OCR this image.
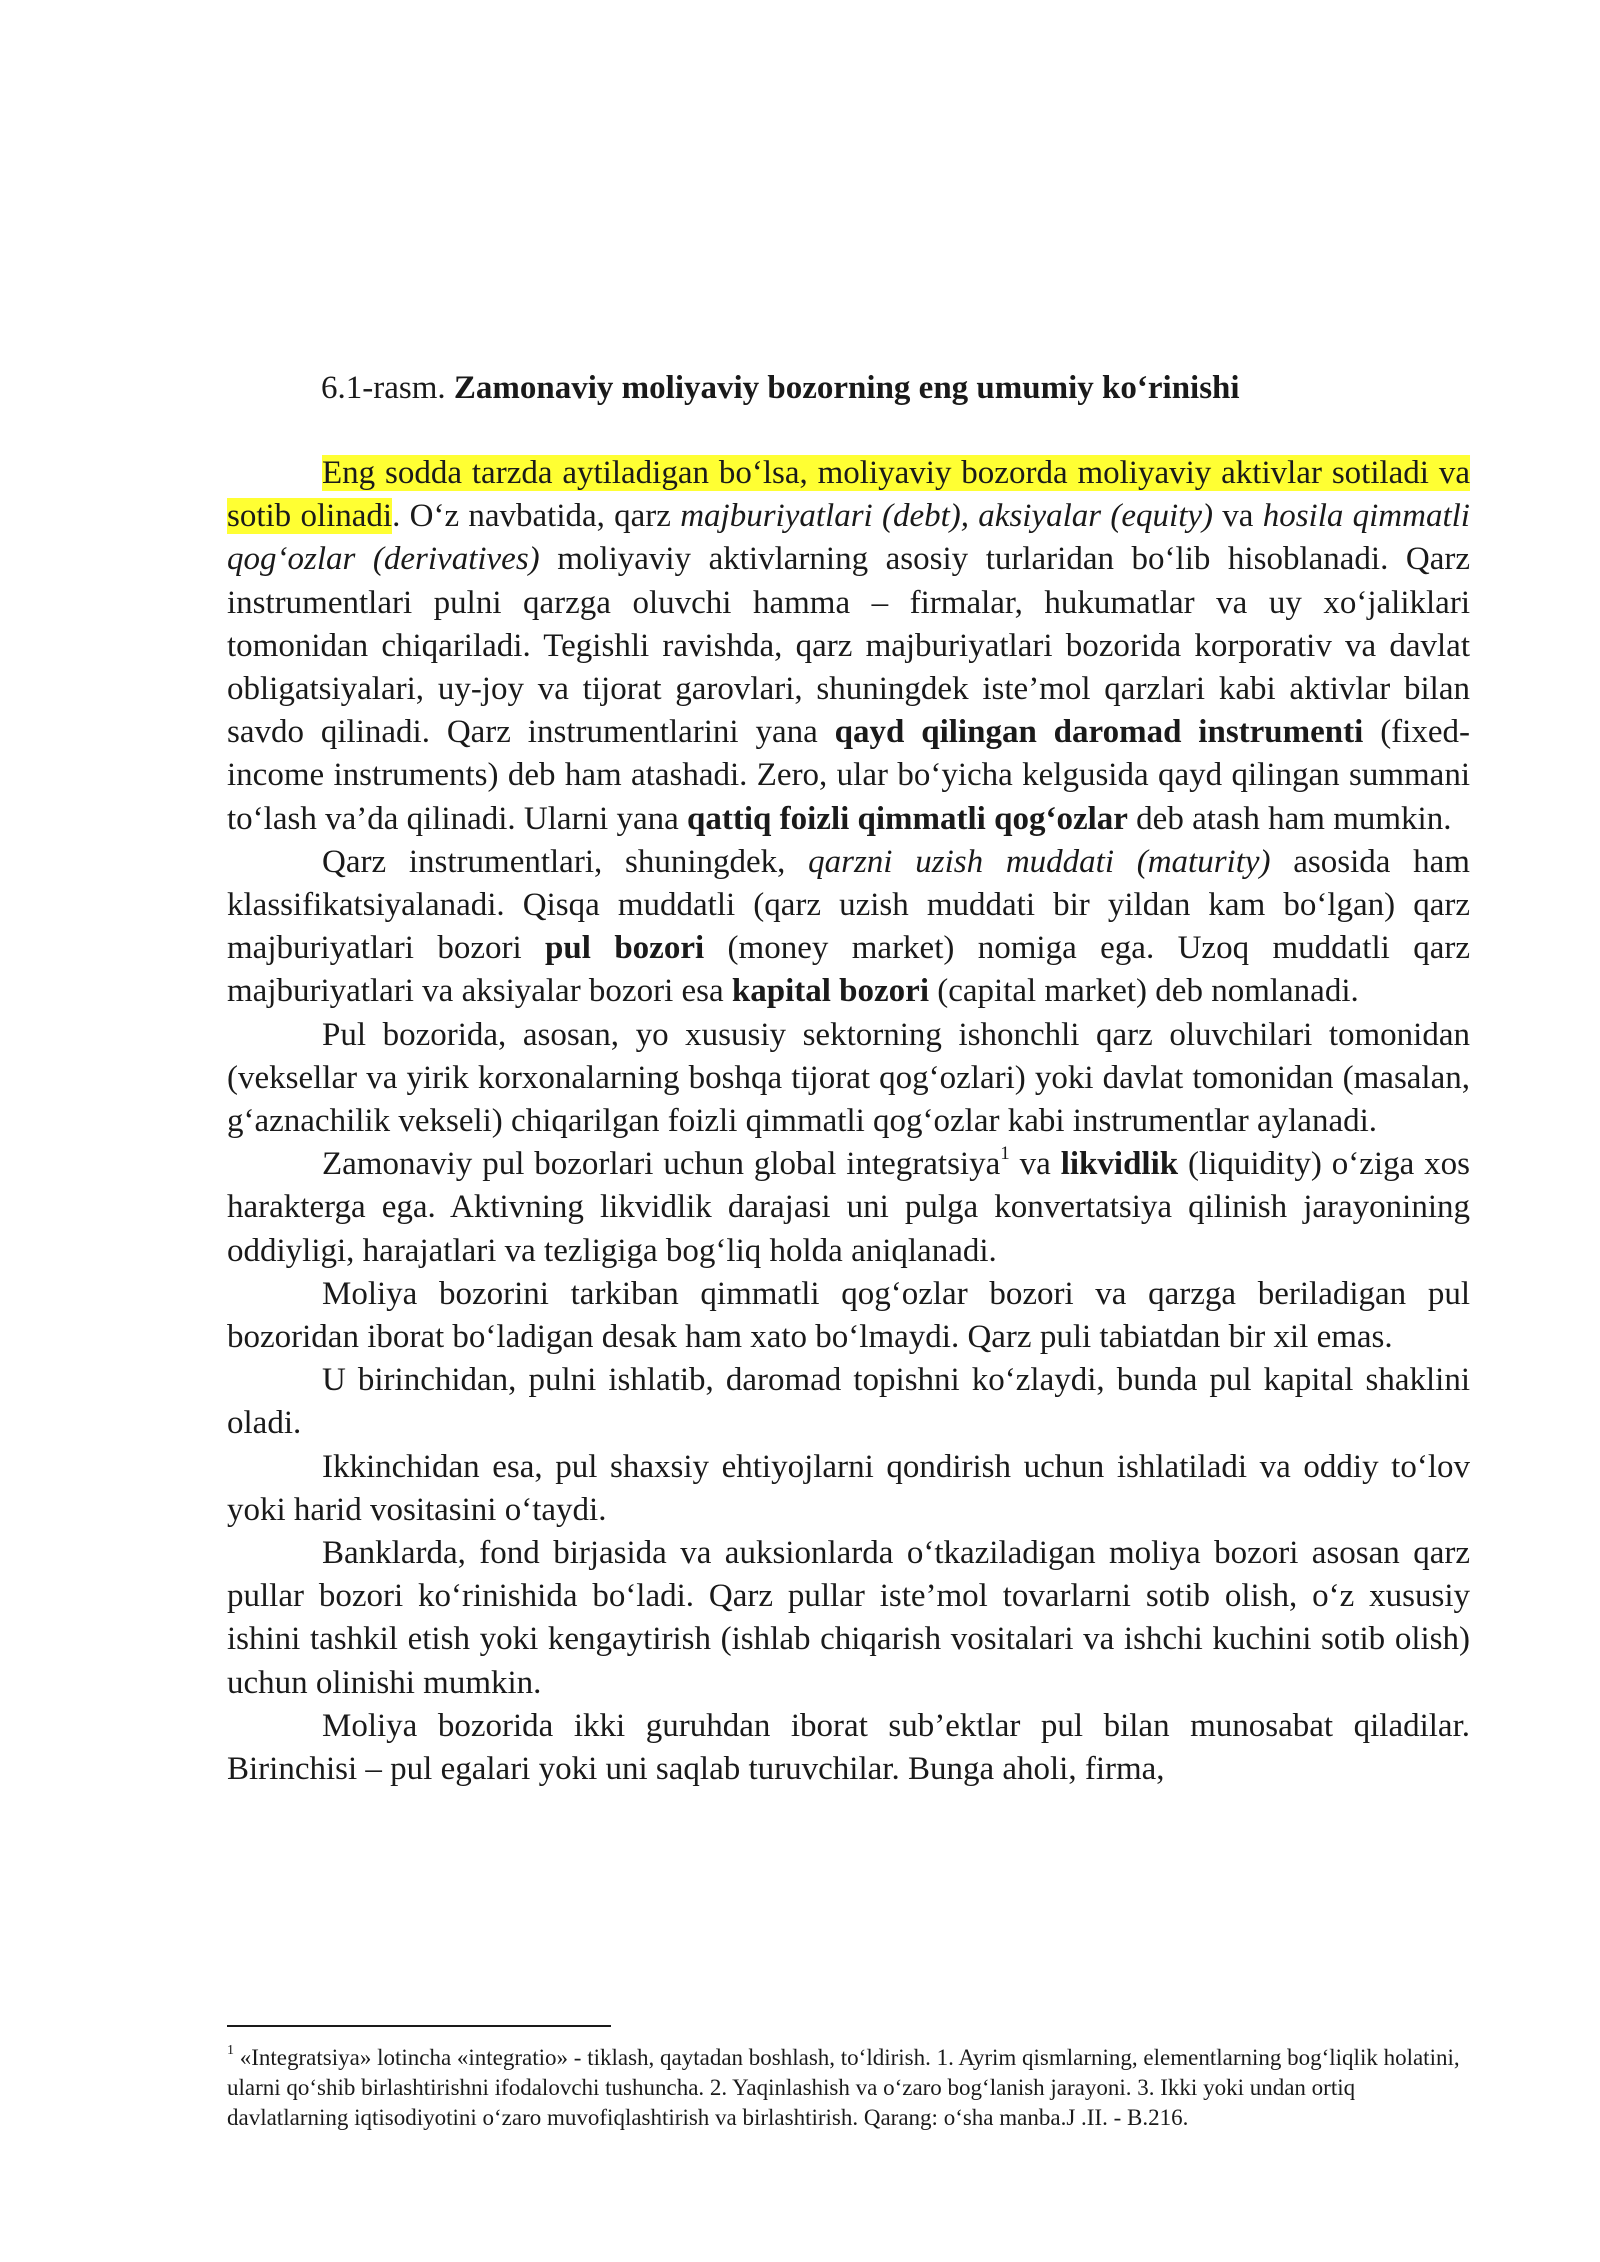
6.1-rasm. Zamonaviy moliyaviy bozorning eng umumiy ko‘rinishi

Eng sodda tarzda aytiladigan bo‘lsa, moliyaviy bozorda moliyaviy aktivlar sotiladi va sotib olinadi. O‘z navbatida, qarz majburiyatlari (debt), aksiyalar (equity) va hosila qimmatli qog‘ozlar (derivatives) moliyaviy aktivlarning asosiy turlaridan bo‘lib hisoblanadi. Qarz instrumentlari pulni qarzga oluvchi hamma – firmalar, hukumatlar va uy xo‘jaliklari tomonidan chiqariladi. Tegishli ravishda, qarz majburiyatlari bozorida korporativ va davlat obligatsiyalari, uy-joy va tijorat garovlari, shuningdek iste’mol qarzlari kabi aktivlar bilan savdo qilinadi. Qarz instrumentlarini yana qayd qilingan daromad instrumenti (fixed-income instruments) deb ham atashadi. Zero, ular bo‘yicha kelgusida qayd qilingan summani to‘lash va’da qilinadi. Ularni yana qattiq foizli qimmatli qog‘ozlar deb atash ham mumkin.

Qarz instrumentlari, shuningdek, qarzni uzish muddati (maturity) asosida ham klassifikatsiyalanadi. Qisqa muddatli (qarz uzish muddati bir yildan kam bo‘lgan) qarz majburiyatlari bozori pul bozori (money market) nomiga ega. Uzoq muddatli qarz majburiyatlari va aksiyalar bozori esa kapital bozori (capital market) deb nomlanadi.

Pul bozorida, asosan, yo xususiy sektorning ishonchli qarz oluvchilari tomonidan (veksellar va yirik korxonalarning boshqa tijorat qog‘ozlari) yoki davlat tomonidan (masalan, g‘aznachilik vekseli) chiqarilgan foizli qimmatli qog‘ozlar kabi instrumentlar aylanadi.

Zamonaviy pul bozorlari uchun global integratsiya$^1$ va likvidlik (liquidity) o‘ziga xos harakterga ega. Aktivning likvidlik darajasi uni pulga konvertatsiya qilinish jarayonining oddiyligi, harajatlari va tezligiga bog‘liq holda aniqlanadi.

Moliya bozorini tarkiban qimmatli qog‘ozlar bozori va qarzga beriladigan pul bozoridan iborat bo‘ladigan desak ham xato bo‘lmaydi. Qarz puli tabiatdan bir xil emas.

U birinchidan, pulni ishlatib, daromad topishni ko‘zlaydi, bunda pul kapital shaklini oladi.

Ikkinchidan esa, pul shaxsiy ehtiyojlarni qondirish uchun ishlatiladi va oddiy to‘lov yoki harid vositasini o‘taydi.

Banklarda, fond birjasida va auksionlarda o‘tkaziladigan moliya bozori asosan qarz pullar bozori ko‘rinishida bo‘ladi. Qarz pullar iste’mol tovarlarni sotib olish, o‘z xususiy ishini tashkil etish yoki kengaytirish (ishlab chiqarish vositalari va ishchi kuchini sotib olish) uchun olinishi mumkin.

Moliya bozorida ikki guruhdan iborat sub’ektlar pul bilan munosabat qiladilar. Birinchisi – pul egalari yoki uni saqlab turuvchilar. Bunga aholi, firma,

$^1$ «Integratsiya» lotincha «integratio» - tiklash, qaytadan boshlash, to‘ldirish. 1. Ayrim qismlarning, elementlarning bog‘liqlik holatini, ularni qo‘shib birlashtirishni ifodalovchi tushuncha. 2. Yaqinlashish va o‘zaro bog‘lanish jarayoni. 3. Ikki yoki undan ortiq davlatlarning iqtisodiyotini o‘zaro muvofiqlashtirish va birlashtirish. Qarang: o‘sha manba.J .II. - B.216.
